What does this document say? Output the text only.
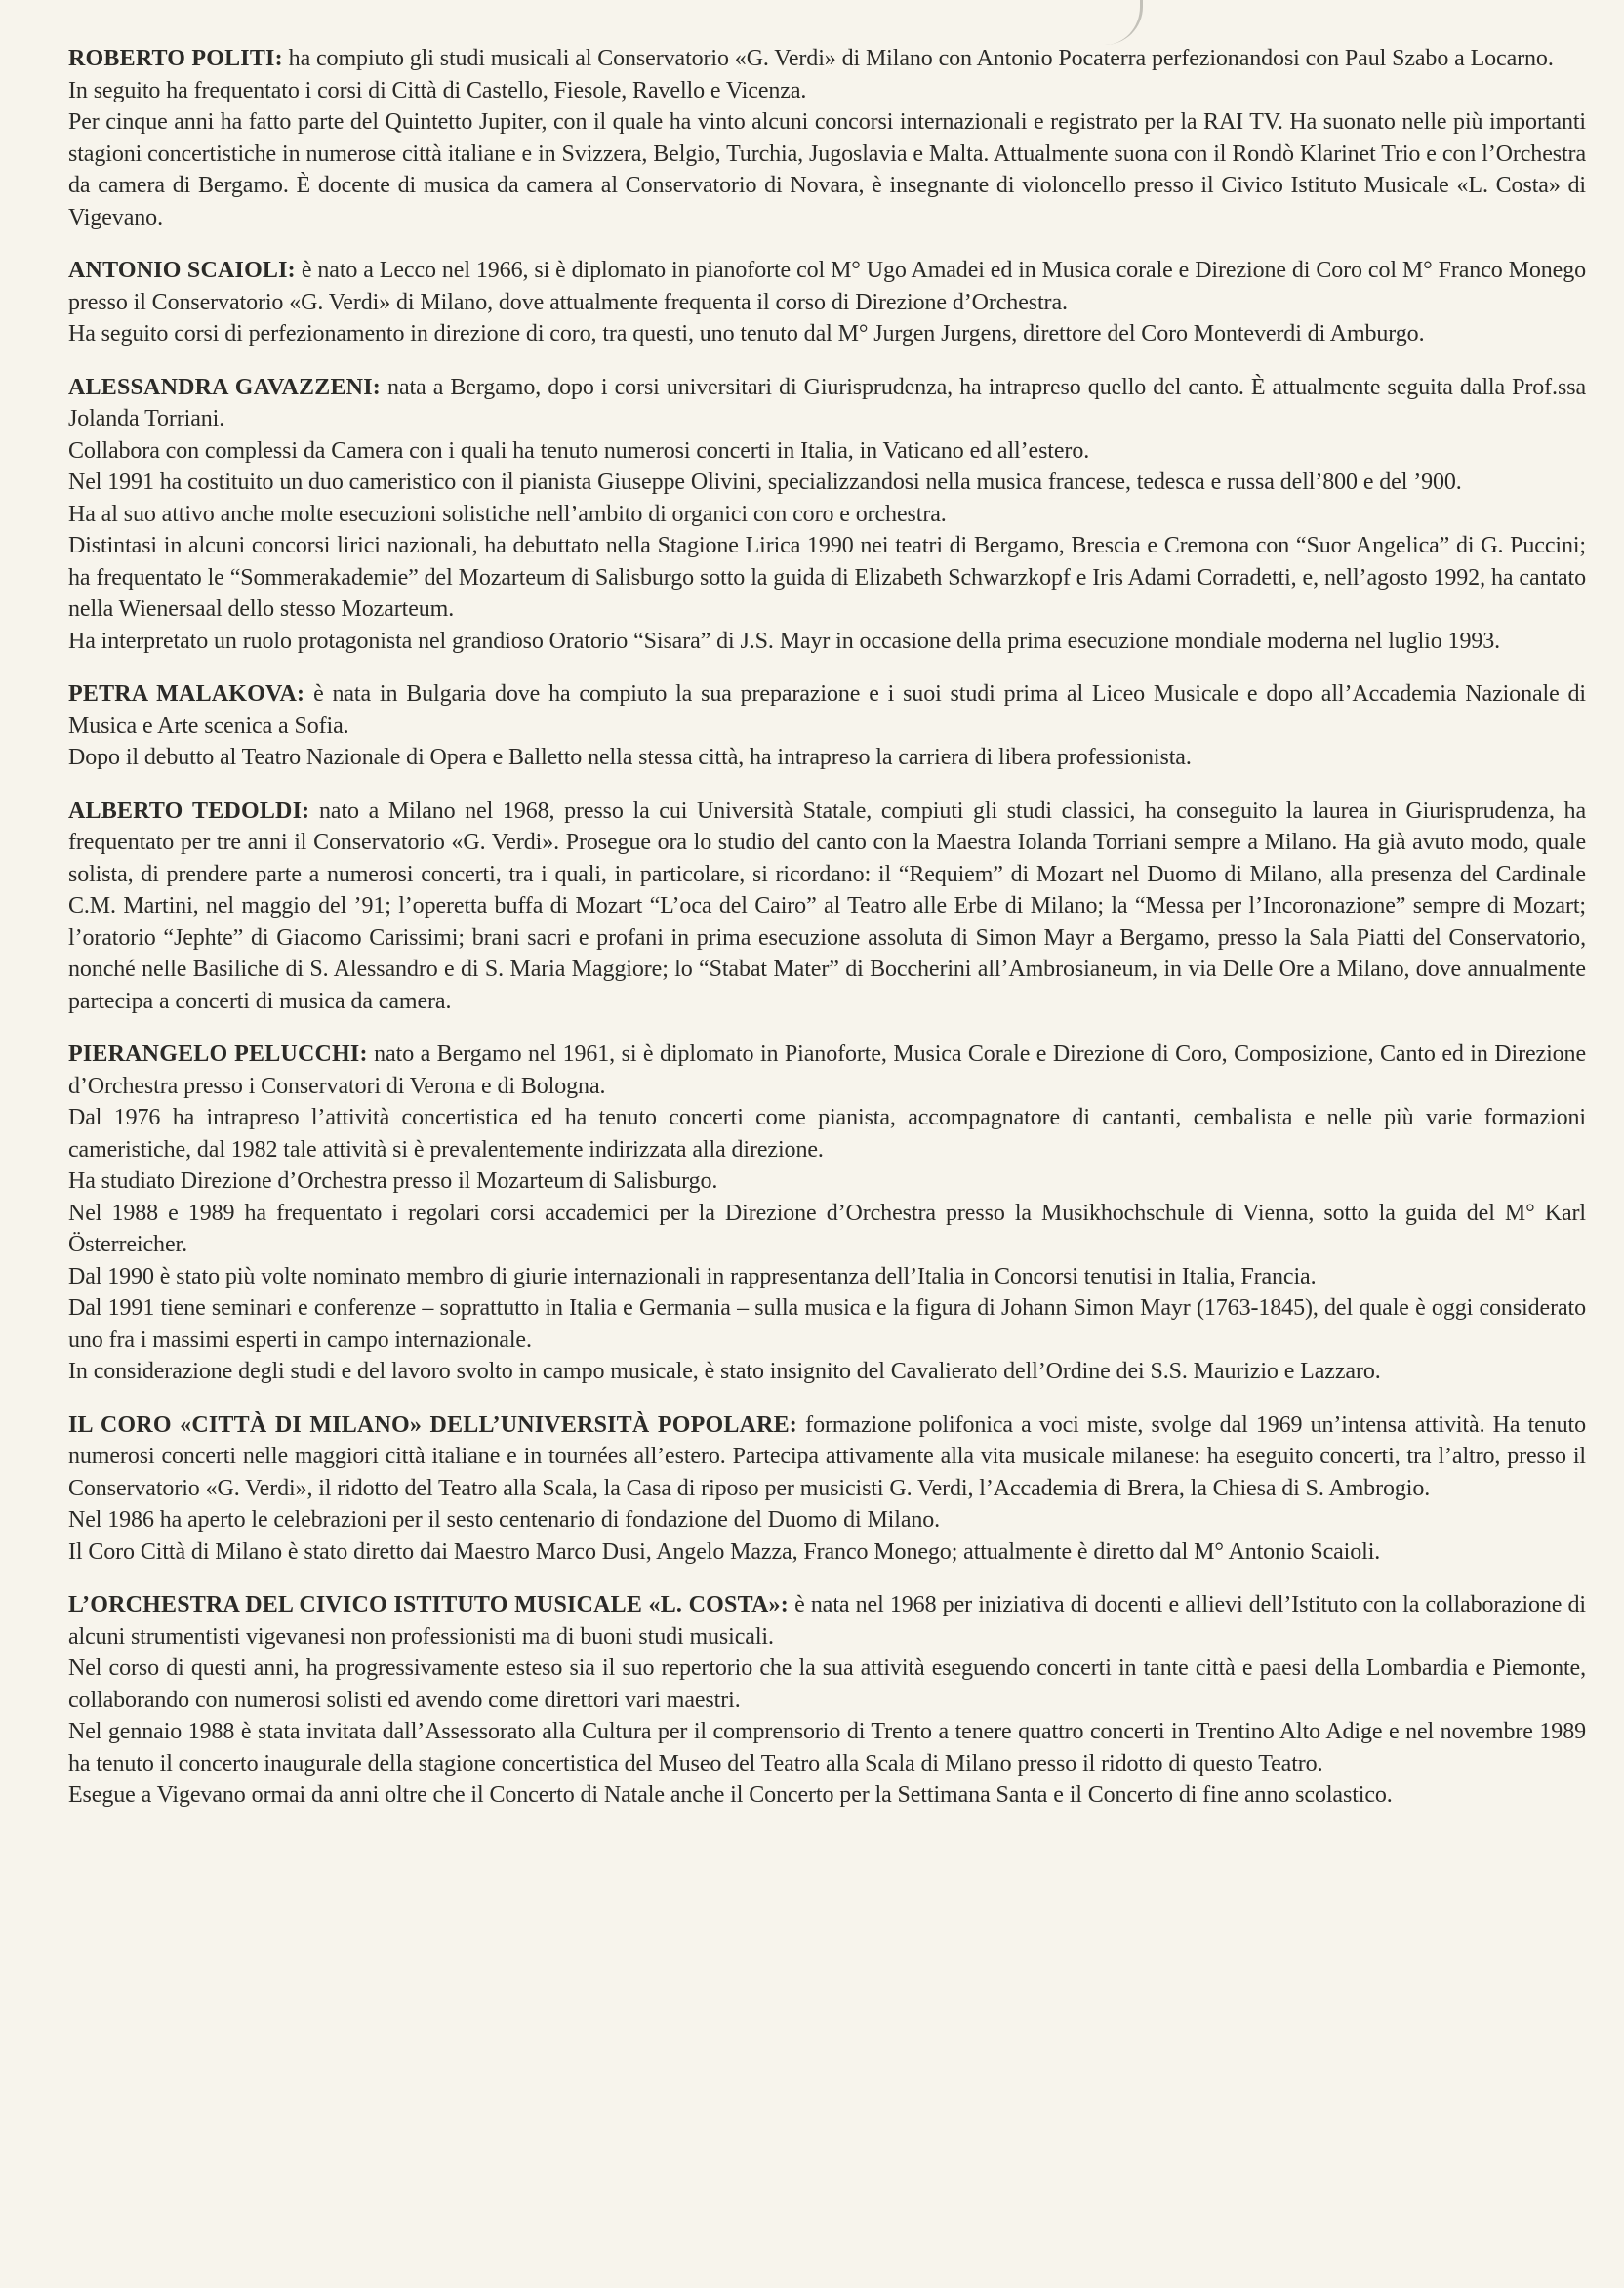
ROBERTO POLITI: ha compiuto gli studi musicali al Conservatorio «G. Verdi» di Milano con Antonio Pocaterra perfezionandosi con Paul Szabo a Locarno.

In seguito ha frequentato i corsi di Città di Castello, Fiesole, Ravello e Vicenza.

Per cinque anni ha fatto parte del Quintetto Jupiter, con il quale ha vinto alcuni concorsi internazionali e registrato per la RAI TV. Ha suonato nelle più importanti stagioni concertistiche in numerose città italiane e in Svizzera, Belgio, Turchia, Jugoslavia e Malta. Attualmente suona con il Rondò Klarinet Trio e con l’Orchestra da camera di Bergamo. È docente di musica da camera al Conservatorio di Novara, è insegnante di violoncello presso il Civico Istituto Musicale «L. Costa» di Vigevano.

ANTONIO SCAIOLI: è nato a Lecco nel 1966, si è diplomato in pianoforte col M° Ugo Amadei ed in Musica corale e Direzione di Coro col M° Franco Monego presso il Conservatorio «G. Verdi» di Milano, dove attualmente frequenta il corso di Direzione d’Orchestra.

Ha seguito corsi di perfezionamento in direzione di coro, tra questi, uno tenuto dal M° Jurgen Jurgens, direttore del Coro Monteverdi di Amburgo.

ALESSANDRA GAVAZZENI: nata a Bergamo, dopo i corsi universitari di Giurisprudenza, ha intrapreso quello del canto. È attualmente seguita dalla Prof.ssa Jolanda Torriani.

Collabora con complessi da Camera con i quali ha tenuto numerosi concerti in Italia, in Vaticano ed all’estero.

Nel 1991 ha costituito un duo cameristico con il pianista Giuseppe Olivini, specializzandosi nella musica francese, tedesca e russa dell’800 e del ’900.

Ha al suo attivo anche molte esecuzioni solistiche nell’ambito di organici con coro e orchestra.

Distintasi in alcuni concorsi lirici nazionali, ha debuttato nella Stagione Lirica 1990 nei teatri di Bergamo, Brescia e Cremona con “Suor Angelica” di G. Puccini; ha frequentato le “Sommerakademie” del Mozarteum di Salisburgo sotto la guida di Elizabeth Schwarzkopf e Iris Adami Corradetti, e, nell’agosto 1992, ha cantato nella Wienersaal dello stesso Mozarteum.

Ha interpretato un ruolo protagonista nel grandioso Oratorio “Sisara” di J.S. Mayr in occasione della prima esecuzione mondiale moderna nel luglio 1993.

PETRA MALAKOVA: è nata in Bulgaria dove ha compiuto la sua preparazione e i suoi studi prima al Liceo Musicale e dopo all’Accademia Nazionale di Musica e Arte scenica a Sofia.

Dopo il debutto al Teatro Nazionale di Opera e Balletto nella stessa città, ha intrapreso la carriera di libera professionista.

ALBERTO TEDOLDI: nato a Milano nel 1968, presso la cui Università Statale, compiuti gli studi classici, ha conseguito la laurea in Giurisprudenza, ha frequentato per tre anni il Conservatorio «G. Verdi». Prosegue ora lo studio del canto con la Maestra Iolanda Torriani sempre a Milano. Ha già avuto modo, quale solista, di prendere parte a numerosi concerti, tra i quali, in particolare, si ricordano: il “Requiem” di Mozart nel Duomo di Milano, alla presenza del Cardinale C.M. Martini, nel maggio del ’91; l’operetta buffa di Mozart “L’oca del Cairo” al Teatro alle Erbe di Milano; la “Messa per l’Incoronazione” sempre di Mozart; l’oratorio “Jephte” di Giacomo Carissimi; brani sacri e profani in prima esecuzione assoluta di Simon Mayr a Bergamo, presso la Sala Piatti del Conservatorio, nonché nelle Basiliche di S. Alessandro e di S. Maria Maggiore; lo “Stabat Mater” di Boccherini all’Ambrosianeum, in via Delle Ore a Milano, dove annualmente partecipa a concerti di musica da camera.

PIERANGELO PELUCCHI: nato a Bergamo nel 1961, si è diplomato in Pianoforte, Musica Corale e Direzione di Coro, Composizione, Canto ed in Direzione d’Orchestra presso i Conservatori di Verona e di Bologna.

Dal 1976 ha intrapreso l’attività concertistica ed ha tenuto concerti come pianista, accompagnatore di cantanti, cembalista e nelle più varie formazioni cameristiche, dal 1982 tale attività si è prevalentemente indirizzata alla direzione.

Ha studiato Direzione d’Orchestra presso il Mozarteum di Salisburgo.

Nel 1988 e 1989 ha frequentato i regolari corsi accademici per la Direzione d’Orchestra presso la Musikhochschule di Vienna, sotto la guida del M° Karl Österreicher.

Dal 1990 è stato più volte nominato membro di giurie internazionali in rappresentanza dell’Italia in Concorsi tenutisi in Italia, Francia.

Dal 1991 tiene seminari e conferenze – soprattutto in Italia e Germania – sulla musica e la figura di Johann Simon Mayr (1763-1845), del quale è oggi considerato uno fra i massimi esperti in campo internazionale.

In considerazione degli studi e del lavoro svolto in campo musicale, è stato insignito del Cavalierato dell’Ordine dei S.S. Maurizio e Lazzaro.

IL CORO «CITTÀ DI MILANO» DELL’UNIVERSITÀ POPOLARE: formazione polifonica a voci miste, svolge dal 1969 un’intensa attività. Ha tenuto numerosi concerti nelle maggiori città italiane e in tournées all’estero. Partecipa attivamente alla vita musicale milanese: ha eseguito concerti, tra l’altro, presso il Conservatorio «G. Verdi», il ridotto del Teatro alla Scala, la Casa di riposo per musicisti G. Verdi, l’Accademia di Brera, la Chiesa di S. Ambrogio.

Nel 1986 ha aperto le celebrazioni per il sesto centenario di fondazione del Duomo di Milano.

Il Coro Città di Milano è stato diretto dai Maestro Marco Dusi, Angelo Mazza, Franco Monego; attualmente è diretto dal M° Antonio Scaioli.

L’ORCHESTRA DEL CIVICO ISTITUTO MUSICALE «L. COSTA»: è nata nel 1968 per iniziativa di docenti e allievi dell’Istituto con la collaborazione di alcuni strumentisti vigevanesi non professionisti ma di buoni studi musicali.

Nel corso di questi anni, ha progressivamente esteso sia il suo repertorio che la sua attività eseguendo concerti in tante città e paesi della Lombardia e Piemonte, collaborando con numerosi solisti ed avendo come direttori vari maestri.

Nel gennaio 1988 è stata invitata dall’Assessorato alla Cultura per il comprensorio di Trento a tenere quattro concerti in Trentino Alto Adige e nel novembre 1989 ha tenuto il concerto inaugurale della stagione concertistica del Museo del Teatro alla Scala di Milano presso il ridotto di questo Teatro.

Esegue a Vigevano ormai da anni oltre che il Concerto di Natale anche il Concerto per la Settimana Santa e il Concerto di fine anno scolastico.
